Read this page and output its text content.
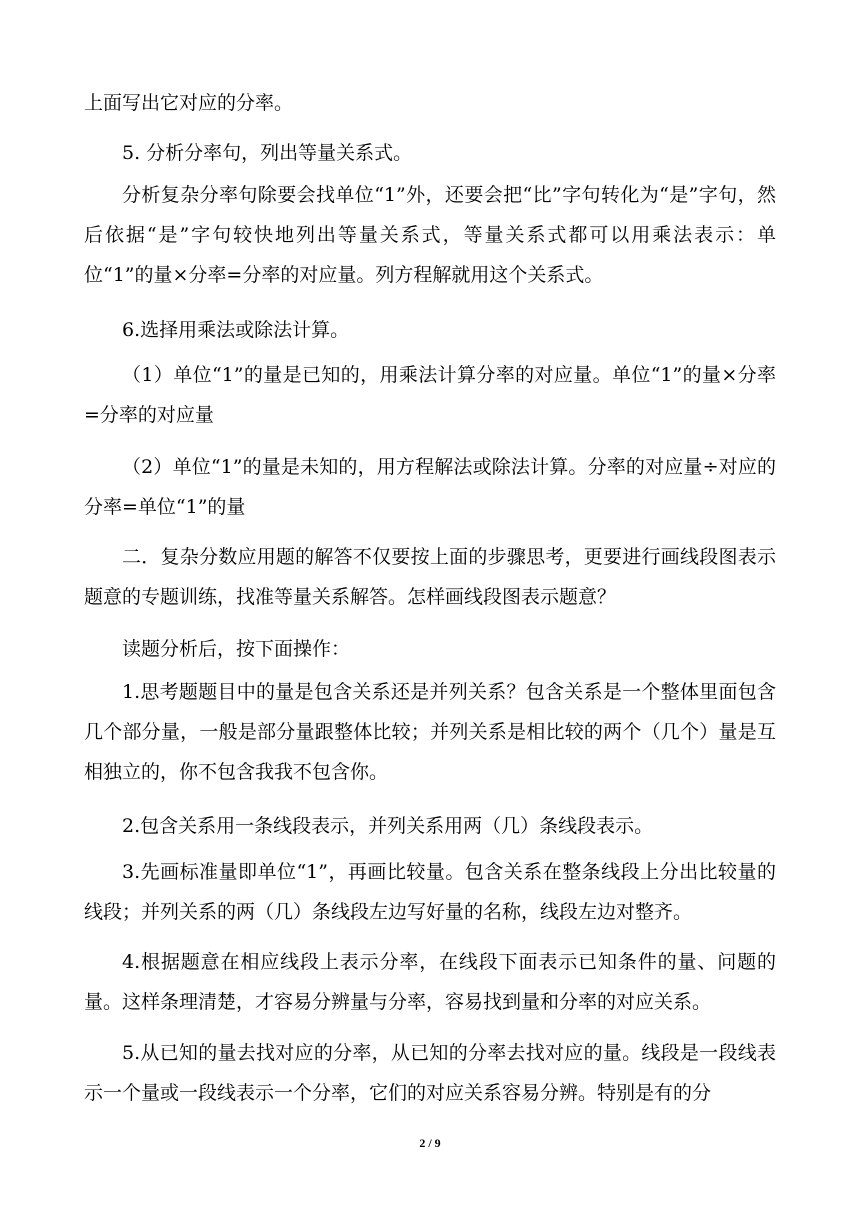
上面写出它对应的分率。

5. 分析分率句，列出等量关系式。

分析复杂分率句除要会找单位“1”外，还要会把“比”字句转化为“是”字句，然后依据“是”字句较快地列出等量关系式，等量关系式都可以用乘法表示：单位“1”的量×分率=分率的对应量。列方程解就用这个关系式。

6.选择用乘法或除法计算。

（1）单位“1”的量是已知的，用乘法计算分率的对应量。单位“1”的量×分率=分率的对应量

（2）单位“1”的量是未知的，用方程解法或除法计算。分率的对应量÷对应的分率=单位“1”的量

二．复杂分数应用题的解答不仅要按上面的步骤思考，更要进行画线段图表示题意的专题训练，找准等量关系解答。怎样画线段图表示题意？

读题分析后，按下面操作：

1.思考题题目中的量是包含关系还是并列关系？包含关系是一个整体里面包含几个部分量，一般是部分量跟整体比较；并列关系是相比较的两个（几个）量是互相独立的，你不包含我我不包含你。

2.包含关系用一条线段表示，并列关系用两（几）条线段表示。

3.先画标准量即单位“1”，再画比较量。包含关系在整条线段上分出比较量的线段；并列关系的两（几）条线段左边写好量的名称，线段左边对整齐。

4.根据题意在相应线段上表示分率，在线段下面表示已知条件的量、问题的量。这样条理清楚，才容易分辨量与分率，容易找到量和分率的对应关系。

5.从已知的量去找对应的分率，从已知的分率去找对应的量。线段是一段线表示一个量或一段线表示一个分率，它们的对应关系容易分辨。特别是有的分

2 / 9
